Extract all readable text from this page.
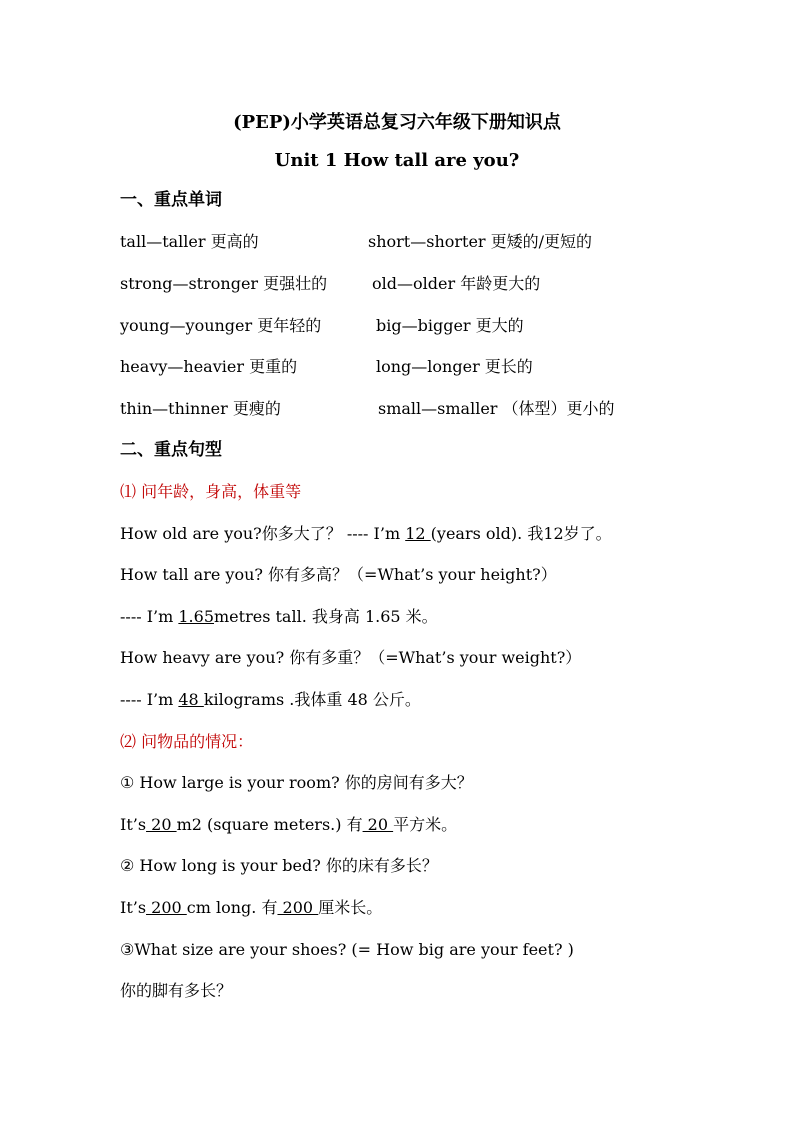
(PEP)小学英语总复习六年级下册知识点
Unit 1 How tall are you?
一、重点单词
tall—taller 更高的	short—shorter 更矮的/更短的
strong—stronger 更强壮的	old—older 年龄更大的
young—younger 更年轻的	big—bigger 更大的
heavy—heavier 更重的	long—longer 更长的
thin—thinner 更瘦的	small—smaller （体型）更小的
二、重点句型
⑴ 问年龄，身高，体重等
How old are you?你多大了？ ---- I’m 12 (years old). 我12岁了。
How tall are you? 你有多高？（=What’s your height?）
---- I’m 1.65metres tall. 我身高 1.65 米。
How heavy are you? 你有多重？（=What’s your weight?）
---- I’m 48 kilograms .我体重 48 公斤。
⑵ 问物品的情况：
① How large is your room? 你的房间有多大？
It’s 20 m2 (square meters.) 有 20 平方米。
② How long is your bed? 你的床有多长？
It’s 200 cm long. 有 200 厘米长。
③What size are your shoes? (= How big are your feet? )
你的脚有多长？
